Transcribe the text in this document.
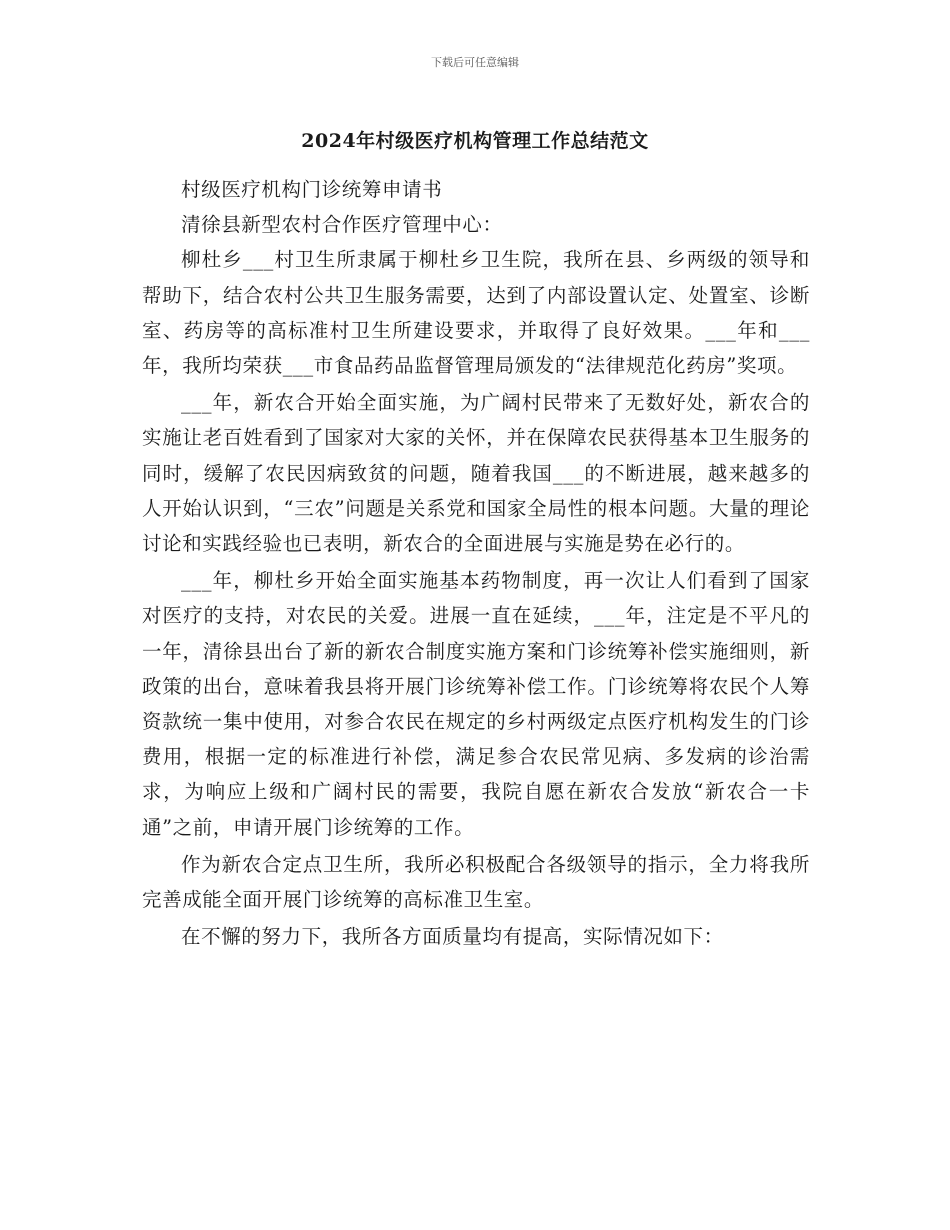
下载后可任意编辑
2024年村级医疗机构管理工作总结范文

村级医疗机构门诊统筹申请书

清徐县新型农村合作医疗管理中心：

柳杜乡___村卫生所隶属于柳杜乡卫生院，我所在县、乡两级的领导和帮助下，结合农村公共卫生服务需要，达到了内部设置认定、处置室、诊断室、药房等的高标准村卫生所建设要求，并取得了良好效果。___年和___年，我所均荣获___市食品药品监督管理局颁发的“法律规范化药房”奖项。

___年，新农合开始全面实施，为广阔村民带来了无数好处，新农合的实施让老百姓看到了国家对大家的关怀，并在保障农民获得基本卫生服务的同时，缓解了农民因病致贫的问题，随着我国___的不断进展，越来越多的人开始认识到，“三农”问题是关系党和国家全局性的根本问题。大量的理论讨论和实践经验也已表明，新农合的全面进展与实施是势在必行的。

___年，柳杜乡开始全面实施基本药物制度，再一次让人们看到了国家对医疗的支持，对农民的关爱。进展一直在延续，___年，注定是不平凡的一年，清徐县出台了新的新农合制度实施方案和门诊统筹补偿实施细则，新政策的出台，意味着我县将开展门诊统筹补偿工作。门诊统筹将农民个人筹资款统一集中使用，对参合农民在规定的乡村两级定点医疗机构发生的门诊费用，根据一定的标准进行补偿，满足参合农民常见病、多发病的诊治需求，为响应上级和广阔村民的需要，我院自愿在新农合发放“新农合一卡通”之前，申请开展门诊统筹的工作。

作为新农合定点卫生所，我所必积极配合各级领导的指示，全力将我所完善成能全面开展门诊统筹的高标准卫生室。

在不懈的努力下，我所各方面质量均有提高，实际情况如下：
